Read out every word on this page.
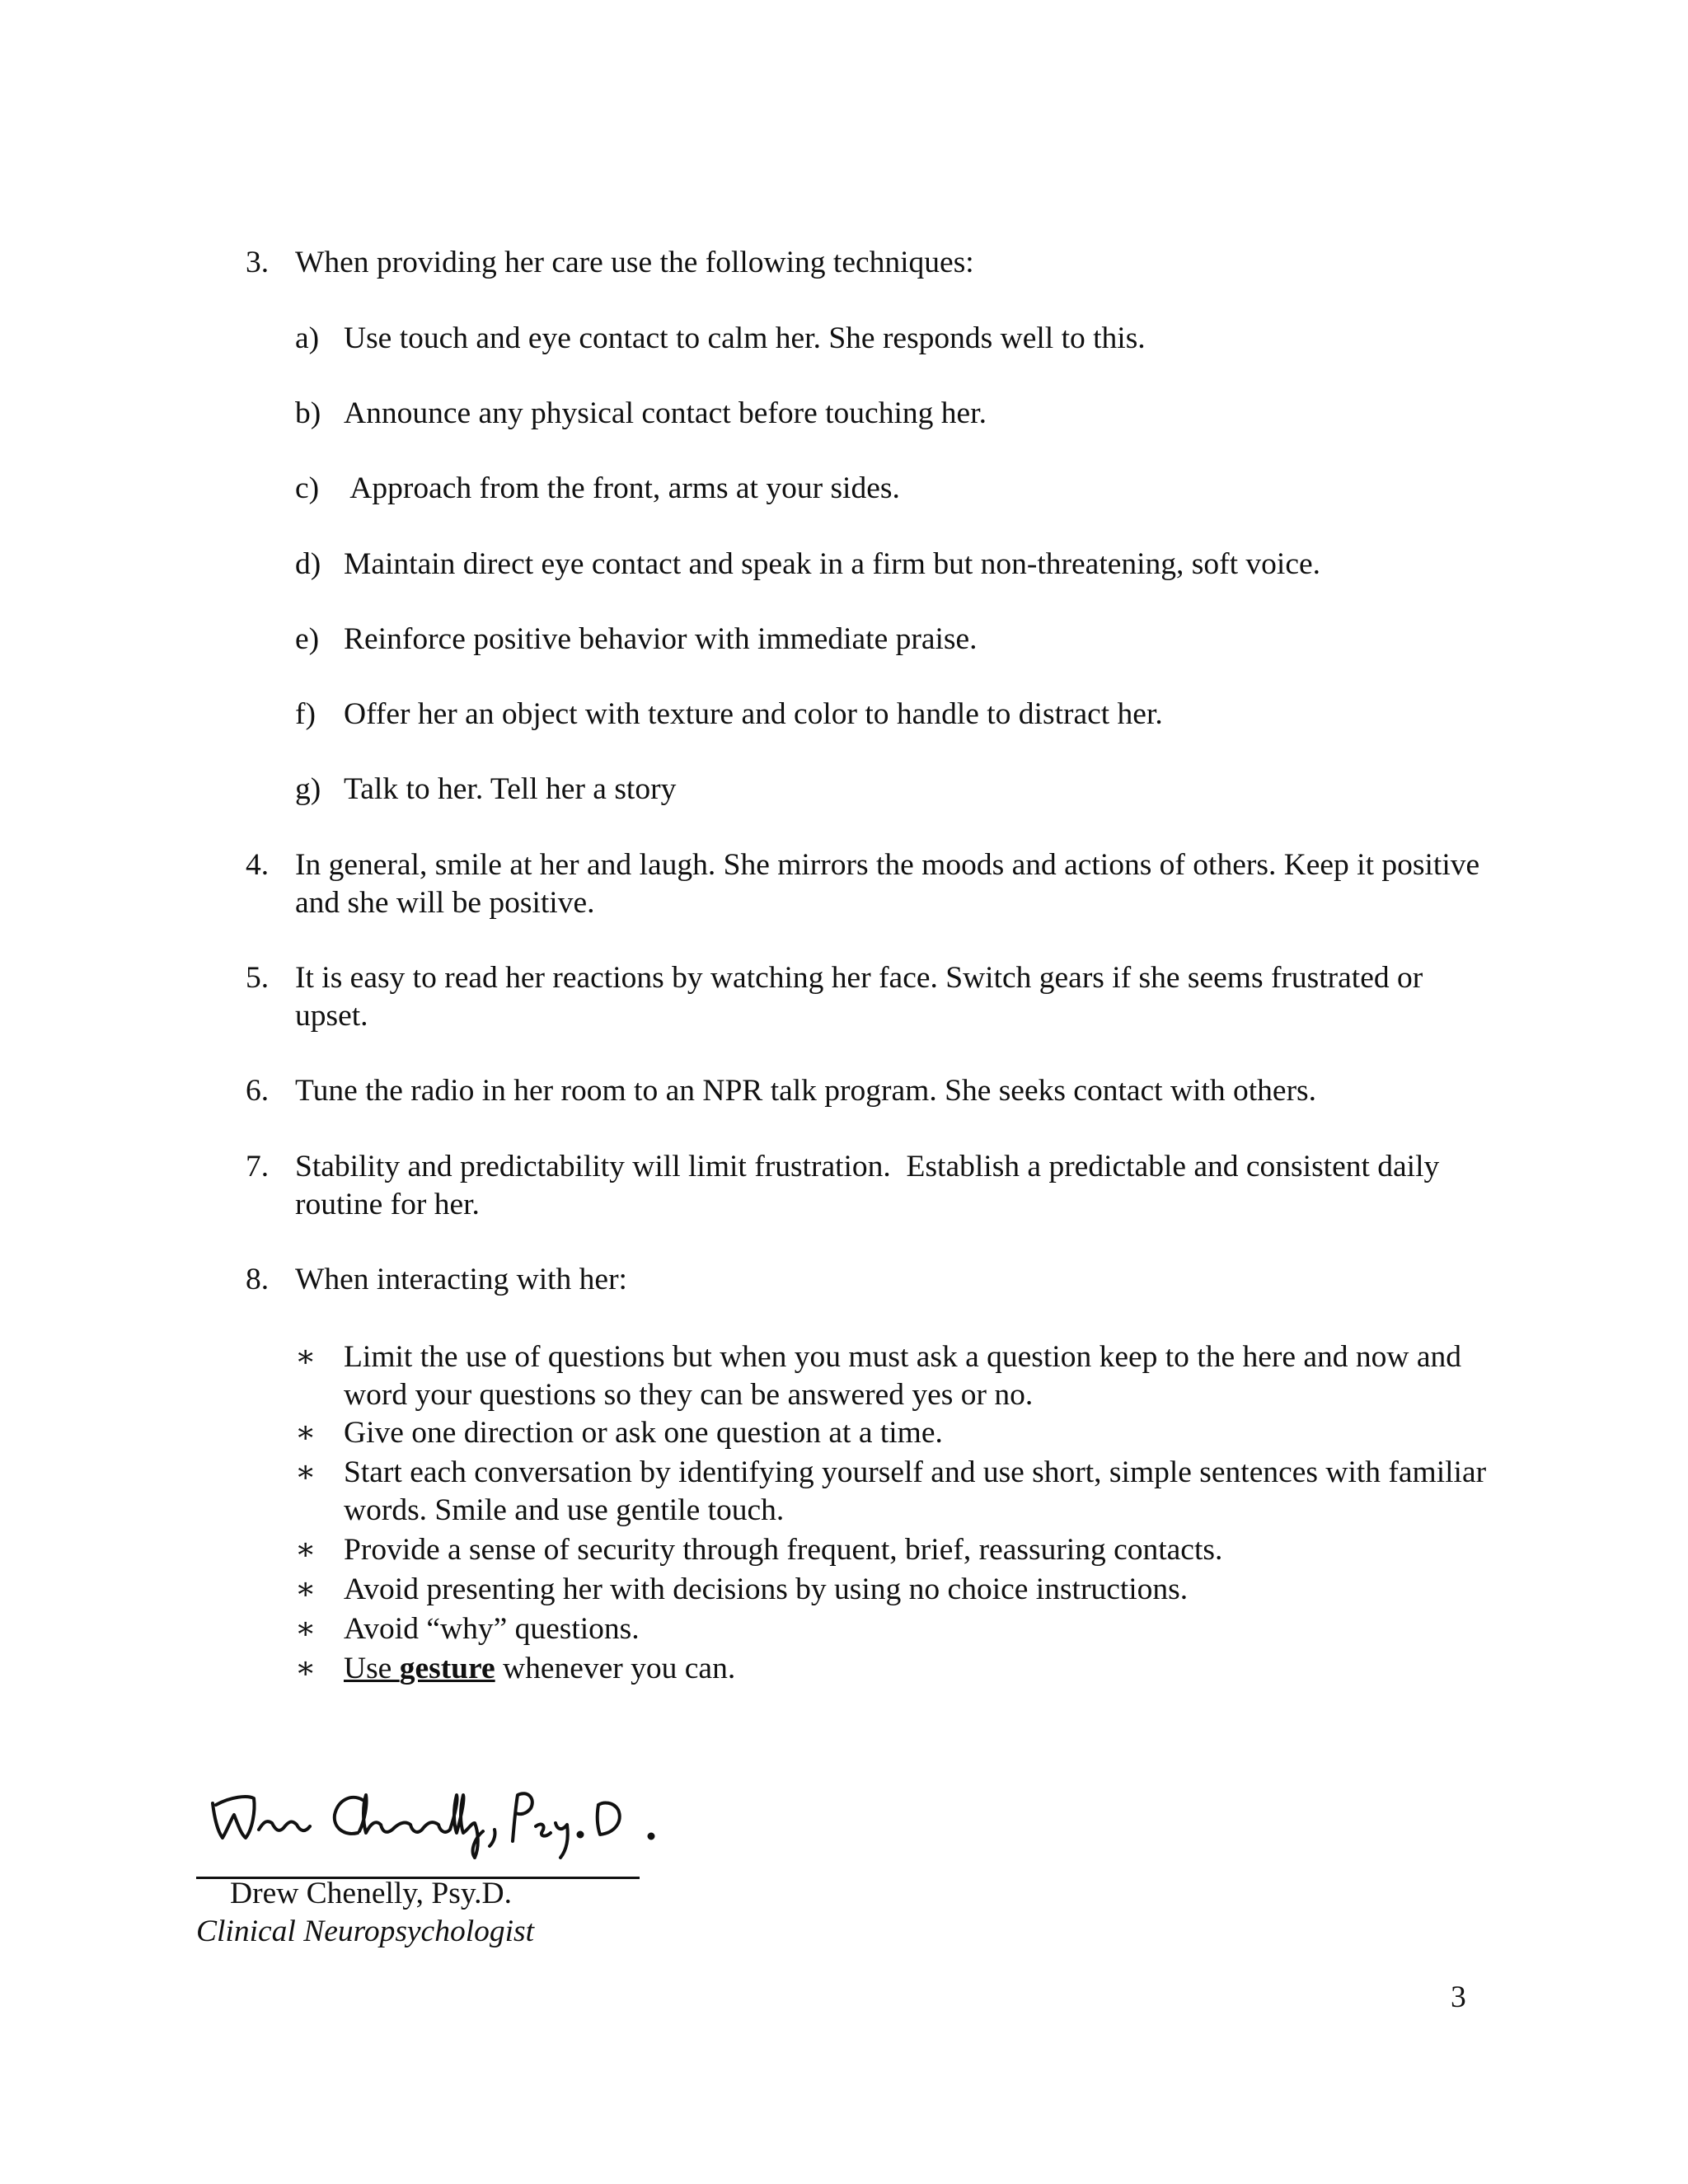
3. When providing her care use the following techniques:
a) Use touch and eye contact to calm her. She responds well to this.
b) Announce any physical contact before touching her.
c) Approach from the front, arms at your sides.
d) Maintain direct eye contact and speak in a firm but non-threatening, soft voice.
e) Reinforce positive behavior with immediate praise.
f) Offer her an object with texture and color to handle to distract her.
g) Talk to her. Tell her a story
4. In general, smile at her and laugh. She mirrors the moods and actions of others. Keep it positive and she will be positive.
5. It is easy to read her reactions by watching her face. Switch gears if she seems frustrated or upset.
6. Tune the radio in her room to an NPR talk program. She seeks contact with others.
7. Stability and predictability will limit frustration.  Establish a predictable and consistent daily routine for her.
8. When interacting with her:
∗ Limit the use of questions but when you must ask a question keep to the here and now and word your questions so they can be answered yes or no.
∗ Give one direction or ask one question at a time.
∗ Start each conversation by identifying yourself and use short, simple sentences with familiar words. Smile and use gentile touch.
∗ Provide a sense of security through frequent, brief, reassuring contacts.
∗ Avoid presenting her with decisions by using no choice instructions.
∗ Avoid “why” questions.
∗ Use gesture whenever you can.
Drew Chenelly, Psy.D.
Clinical Neuropsychologist
3
